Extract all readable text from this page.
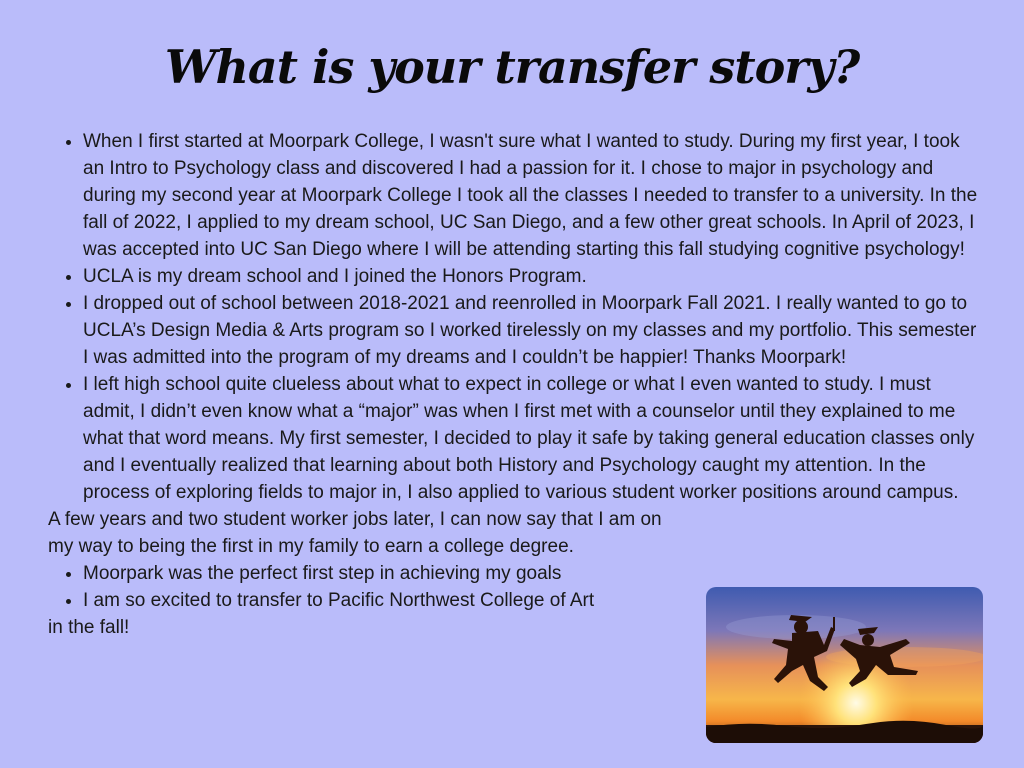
What is your transfer story?
• When I first started at Moorpark College, I wasn't sure what I wanted to study. During my first year, I took an Intro to Psychology class and discovered I had a passion for it. I chose to major in psychology and during my second year at Moorpark College I took all the classes I needed to transfer to a university. In the fall of 2022, I applied to my dream school, UC San Diego, and a few other great schools. In April of 2023, I was accepted into UC San Diego where I will be attending starting this fall studying cognitive psychology!
• UCLA is my dream school and I joined the Honors Program.
• I dropped out of school between 2018-2021 and reenrolled in Moorpark Fall 2021. I really wanted to go to UCLA’s Design Media & Arts program so I worked tirelessly on my classes and my portfolio. This semester I was admitted into the program of my dreams and I couldn’t be happier! Thanks Moorpark!
• I left high school quite clueless about what to expect in college or what I even wanted to study. I must admit, I didn’t even know what a “major” was when I first met with a counselor until they explained to me what that word means. My first semester, I decided to play it safe by taking general education classes only and I eventually realized that learning about both History and Psychology caught my attention. In the process of exploring fields to major in, I also applied to various student worker positions around campus.

A few years and two student worker jobs later, I can now say that I am on my way to being the first in my family to earn a college degree.

• Moorpark was the perfect first step in achieving my goals
• I am so excited to transfer to Pacific Northwest College of Art

in the fall!
